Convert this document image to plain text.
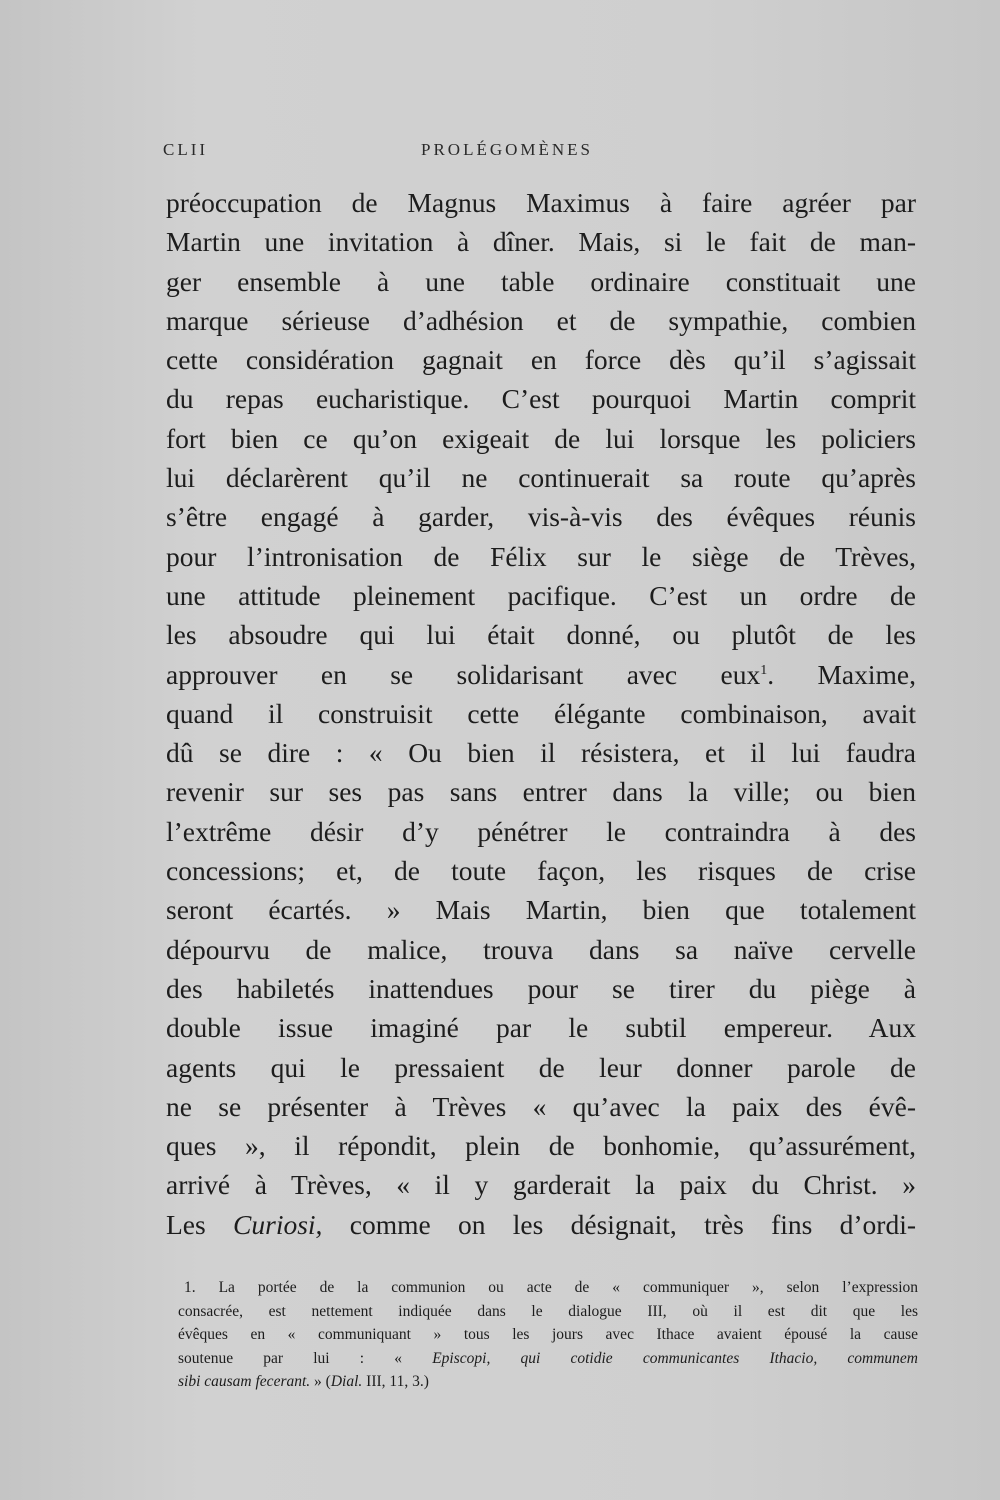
CLII	PROLÉGOMÈNES
préoccupation de Magnus Maximus à faire agréer par
Martin une invitation à dîner. Mais, si le fait de man-
ger ensemble à une table ordinaire constituait une
marque sérieuse d’adhésion et de sympathie, combien
cette considération gagnait en force dès qu’il s’agissait
du repas eucharistique. C’est pourquoi Martin comprit
fort bien ce qu’on exigeait de lui lorsque les policiers
lui déclarèrent qu’il ne continuerait sa route qu’après
s’être engagé à garder, vis-à-vis des évêques réunis
pour l’intronisation de Félix sur le siège de Trèves,
une attitude pleinement pacifique. C’est un ordre de
les absoudre qui lui était donné, ou plutôt de les
approuver en se solidarisant avec eux$^1$. Maxime,
quand il construisit cette élégante combinaison, avait
dû se dire : « Ou bien il résistera, et il lui faudra
revenir sur ses pas sans entrer dans la ville; ou bien
l’extrême désir d’y pénétrer le contraindra à des
concessions; et, de toute façon, les risques de crise
seront écartés. » Mais Martin, bien que totalement
dépourvu de malice, trouva dans sa naïve cervelle
des habiletés inattendues pour se tirer du piège à
double issue imaginé par le subtil empereur. Aux
agents qui le pressaient de leur donner parole de
ne se présenter à Trèves « qu’avec la paix des évê-
ques », il répondit, plein de bonhomie, qu’assurément,
arrivé à Trèves, « il y garderait la paix du Christ. »
Les Curiosi, comme on les désignait, très fins d’ordi-
1. La portée de la communion ou acte de « communiquer », selon l’expression
consacrée, est nettement indiquée dans le dialogue III, où il est dit que les
évêques en « communiquant » tous les jours avec Ithace avaient épousé la cause
soutenue par lui : « Episcopi, qui cotidie communicantes Ithacio, communem
sibi causam fecerant. » (Dial. III, 11, 3.)
